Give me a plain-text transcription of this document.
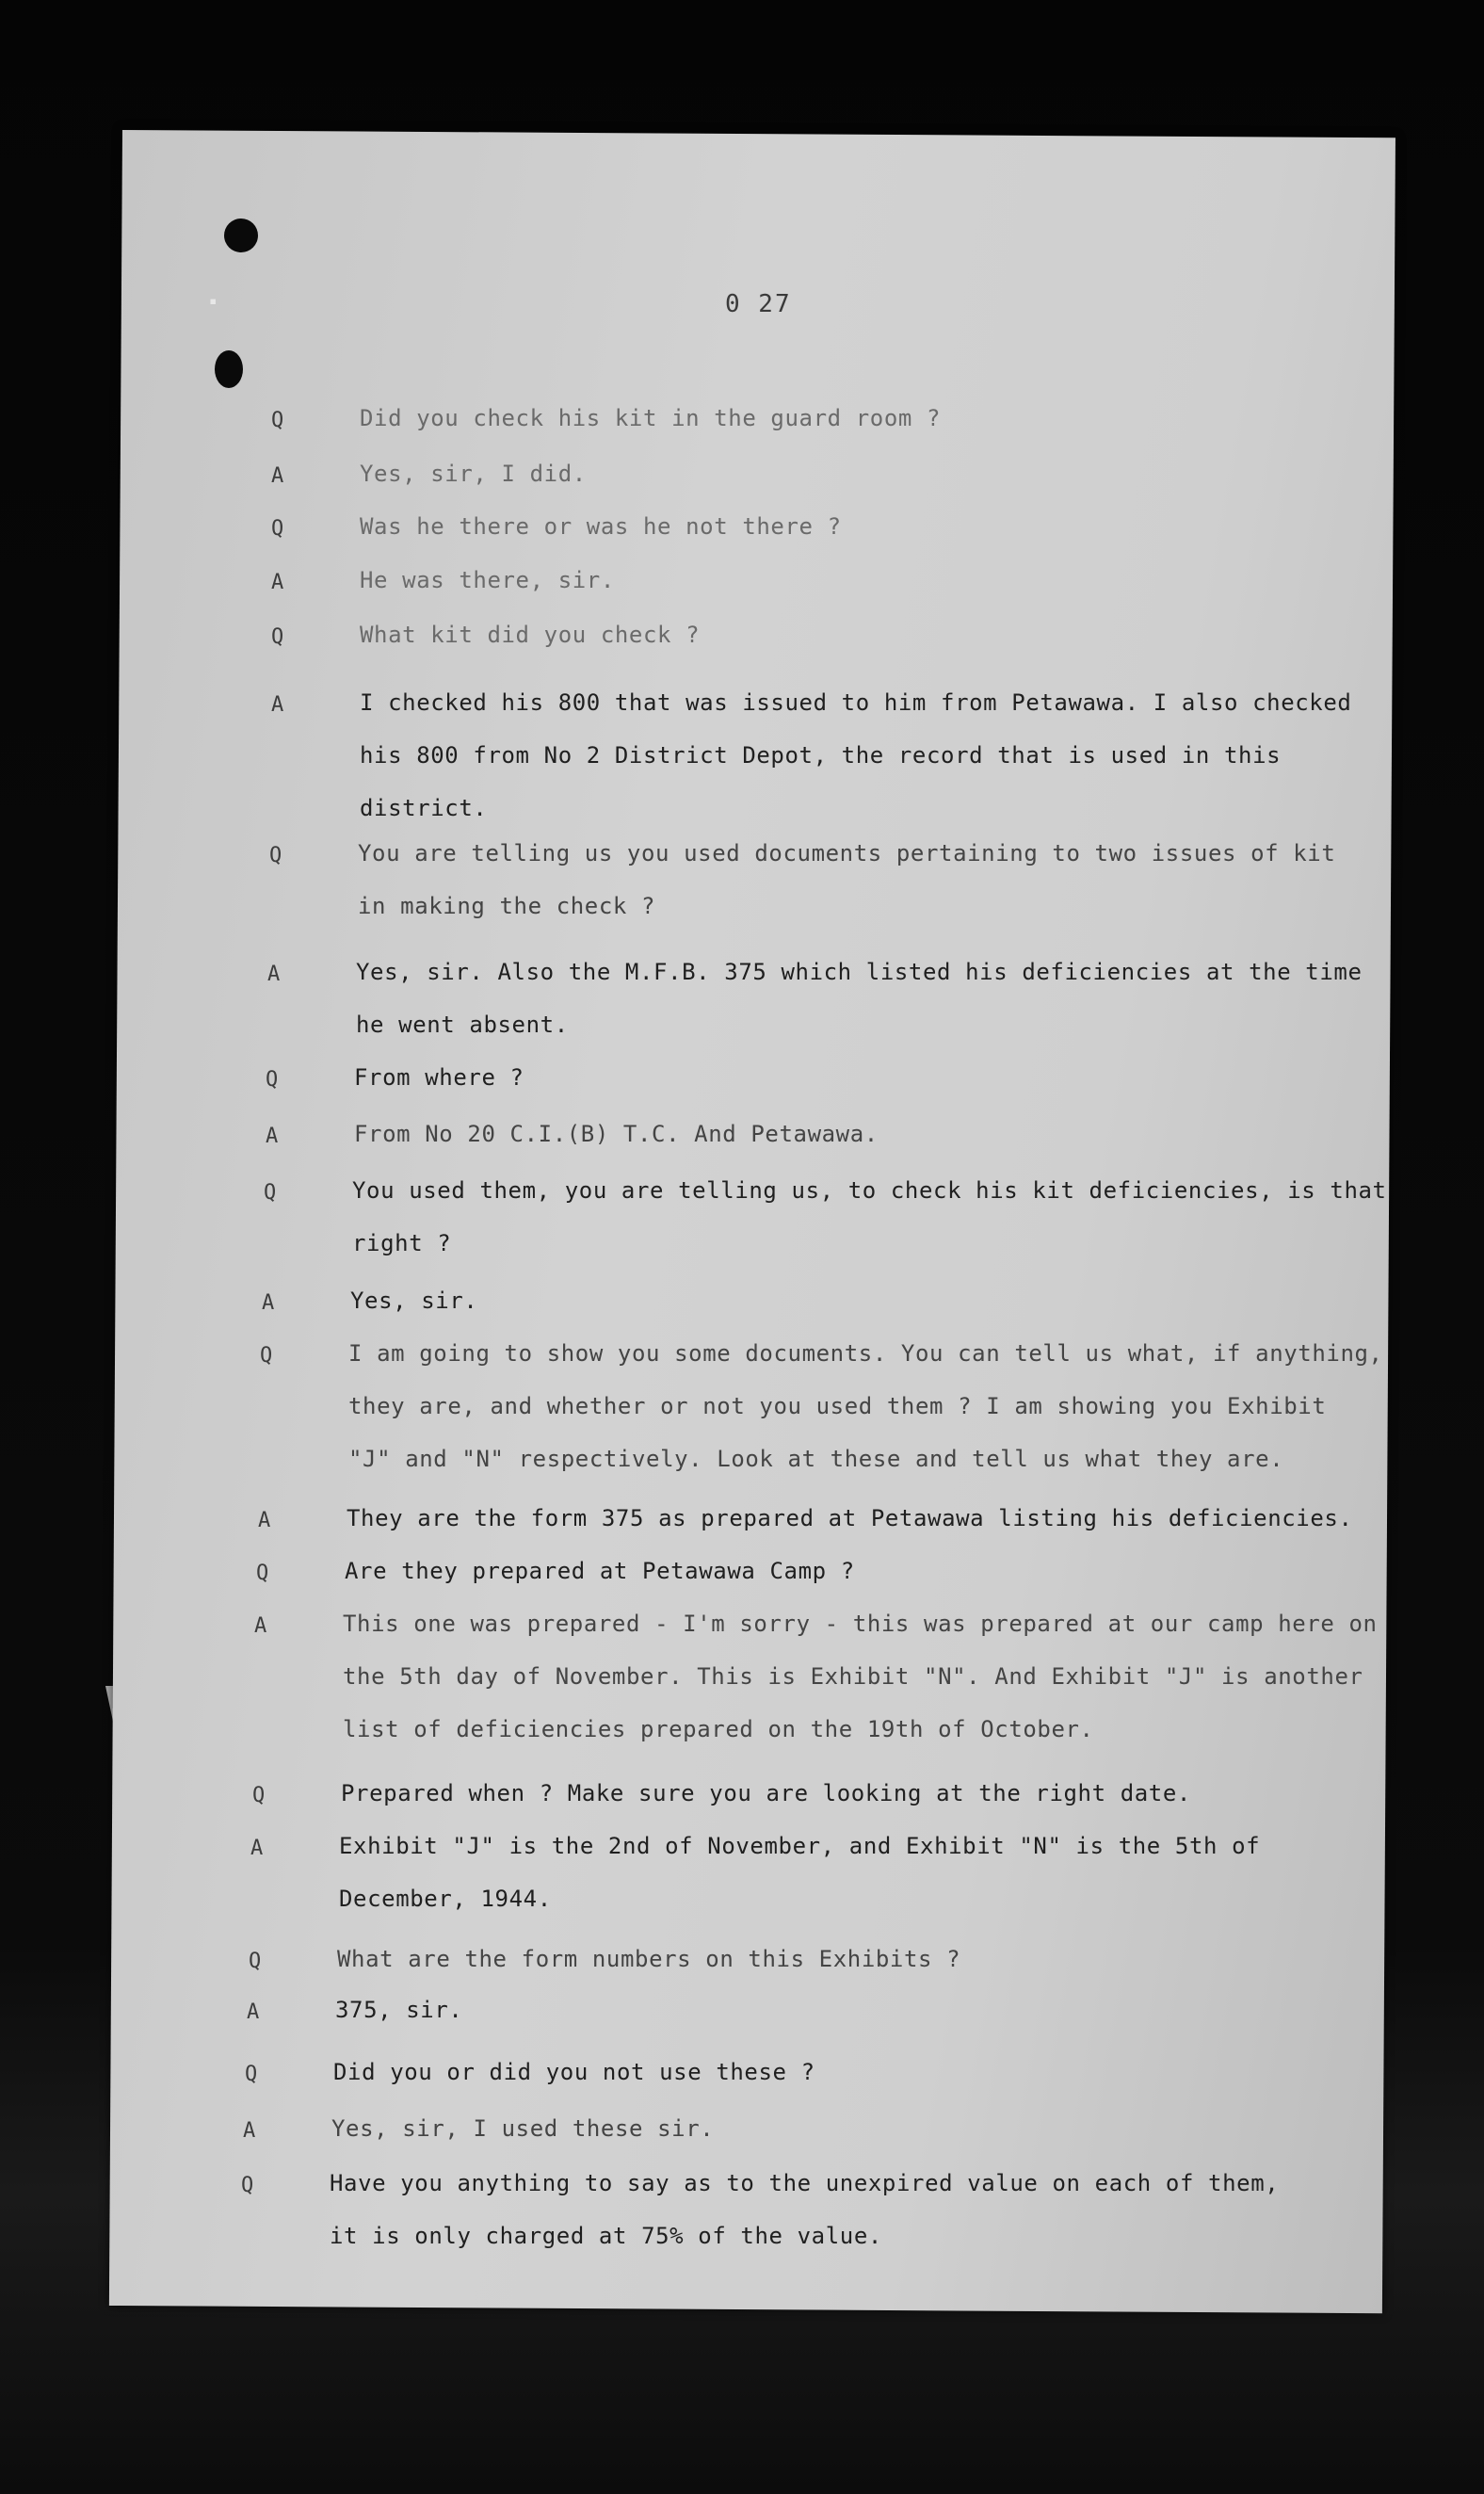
▪	0 27
Q	Did you check his kit in the guard room ?
A	Yes, sir, I did.
Q	Was he there or was he not there ?
A	He was there, sir.
Q	What kit did you check ?
A	I checked his 800 that was issued to him from Petawawa. I also checked
his 800 from No 2 District Depot, the record that is used in this
district.
Q	You are telling us you used documents pertaining to two issues of kit
in making the check ?
A	Yes, sir. Also the M.F.B. 375 which listed his deficiencies at the time
he went absent.
Q	From where ?
A	From No 20 C.I.(B) T.C. And Petawawa.
Q	You used them, you are telling us, to check his kit deficiencies, is that
right ?
A	Yes, sir.
Q	I am going to show you some documents. You can tell us what, if anything,
they are, and whether or not you used them ? I am showing you Exhibit
"J" and "N" respectively. Look at these and tell us what they are.
A	They are the form 375 as prepared at Petawawa listing his deficiencies.
Q	Are they prepared at Petawawa Camp ?
A	This one was prepared - I'm sorry - this was prepared at our camp here on
the 5th day of November. This is Exhibit "N". And Exhibit "J" is another
list of deficiencies prepared on the 19th of October.
Q	Prepared when ? Make sure you are looking at the right date.
A	Exhibit "J" is the 2nd of November, and Exhibit "N" is the 5th of
December, 1944.
Q	What are the form numbers on this Exhibits ?
A	375, sir.
Q	Did you or did you not use these ?
A	Yes, sir, I used these sir.
Q	Have you anything to say as to the unexpired value on each of them,
it is only charged at 75% of the value.
